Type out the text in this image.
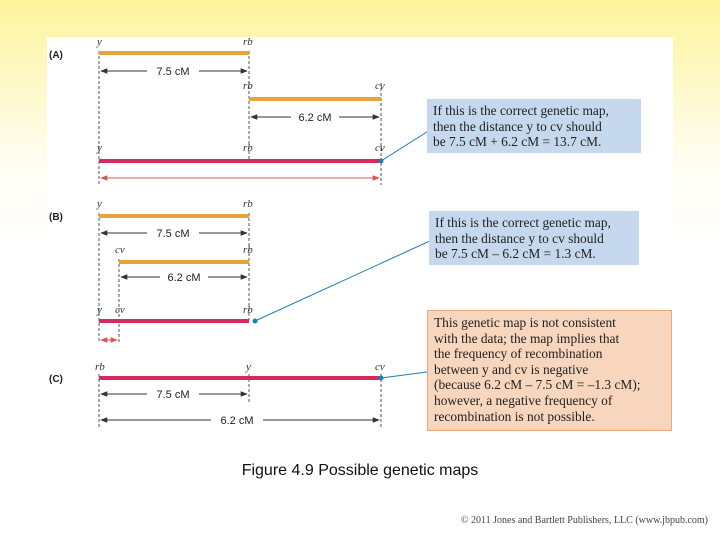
(A)
y	rb
7.5 cM
rb	cv
6.2 cM
y	rb	cv
(B)
y	rb
7.5 cM
cv	rb
6.2 cM
y cv	rb
(C)
rb	y	cv
7.5 cM
6.2 cM
If this is the correct genetic map,
then the distance y to cv should
be 7.5 cM + 6.2 cM = 13.7 cM.
If this is the correct genetic map,
then the distance y to cv should
be 7.5 cM – 6.2 cM = 1.3 cM.
This genetic map is not consistent
with the data; the map implies that
the frequency of recombination
between y and cv is negative
(because 6.2 cM – 7.5 cM = –1.3 cM);
however, a negative frequency of
recombination is not possible.
Figure 4.9 Possible genetic maps
© 2011 Jones and Bartlett Publishers, LLC (www.jbpub.com)
